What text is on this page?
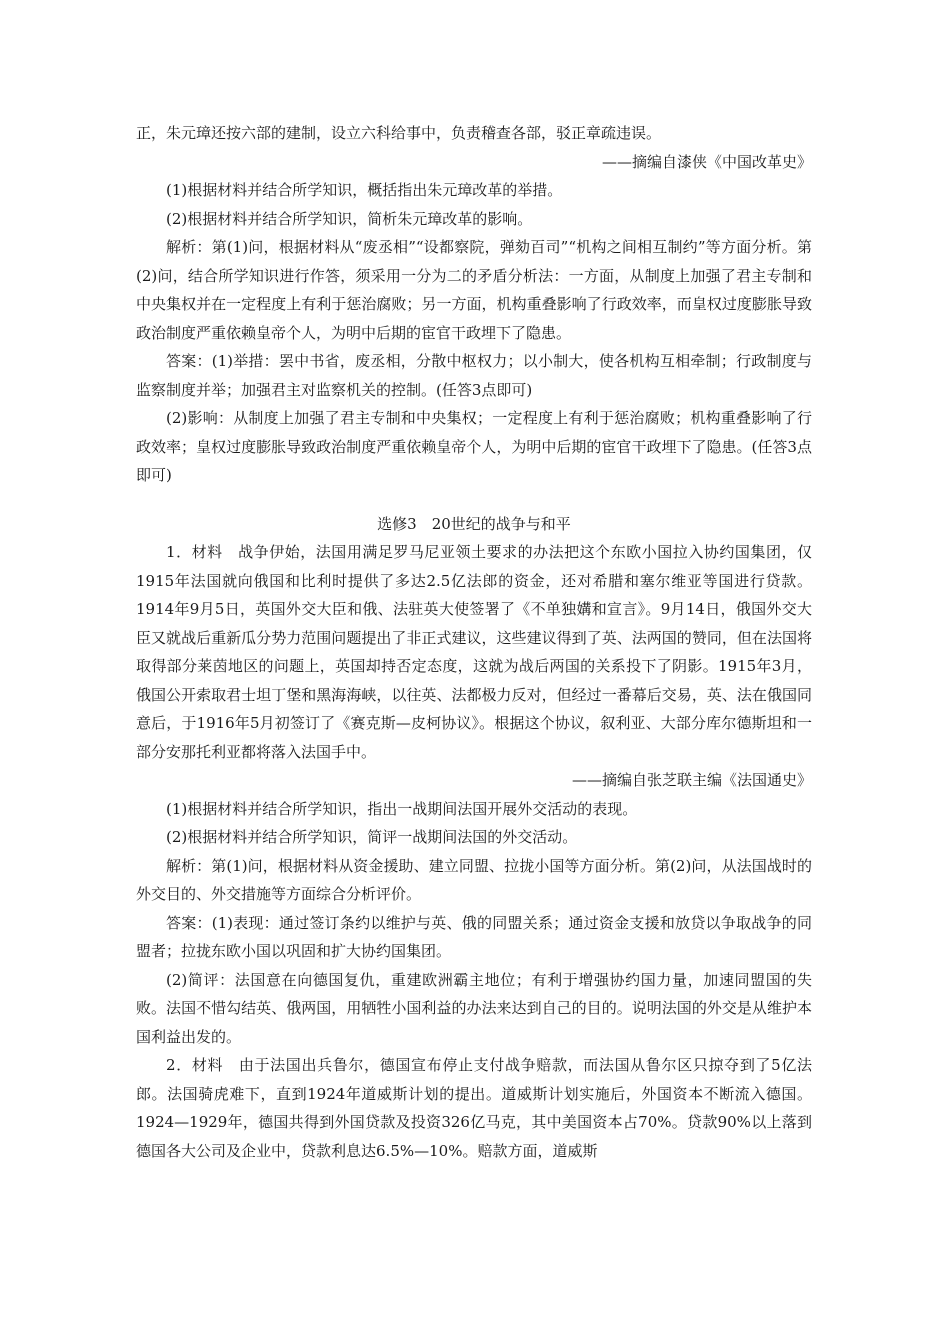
正，朱元璋还按六部的建制，设立六科给事中，负责稽查各部，驳正章疏违误。

——摘编自漆侠《中国改革史》

(1)根据材料并结合所学知识，概括指出朱元璋改革的举措。

(2)根据材料并结合所学知识，简析朱元璋改革的影响。

解析：第(1)问，根据材料从“废丞相”“设都察院，弹劾百司”“机构之间相互制约”等方面分析。第(2)问，结合所学知识进行作答，须采用一分为二的矛盾分析法：一方面，从制度上加强了君主专制和中央集权并在一定程度上有利于惩治腐败；另一方面，机构重叠影响了行政效率，而皇权过度膨胀导致政治制度严重依赖皇帝个人，为明中后期的宦官干政埋下了隐患。

答案：(1)举措：罢中书省，废丞相，分散中枢权力；以小制大，使各机构互相牵制；行政制度与监察制度并举；加强君主对监察机关的控制。(任答3点即可)

(2)影响：从制度上加强了君主专制和中央集权；一定程度上有利于惩治腐败；机构重叠影响了行政效率；皇权过度膨胀导致政治制度严重依赖皇帝个人，为明中后期的宦官干政埋下了隐患。(任答3点即可)

选修3　20世纪的战争与和平

1．材料　战争伊始，法国用满足罗马尼亚领土要求的办法把这个东欧小国拉入协约国集团，仅1915年法国就向俄国和比利时提供了多达2.5亿法郎的资金，还对希腊和塞尔维亚等国进行贷款。1914年9月5日，英国外交大臣和俄、法驻英大使签署了《不单独媾和宣言》。9月14日，俄国外交大臣又就战后重新瓜分势力范围问题提出了非正式建议，这些建议得到了英、法两国的赞同，但在法国将取得部分莱茵地区的问题上，英国却持否定态度，这就为战后两国的关系投下了阴影。1915年3月，俄国公开索取君士坦丁堡和黑海海峡，以往英、法都极力反对，但经过一番幕后交易，英、法在俄国同意后，于1916年5月初签订了《赛克斯—皮柯协议》。根据这个协议，叙利亚、大部分库尔德斯坦和一部分安那托利亚都将落入法国手中。

——摘编自张芝联主编《法国通史》

(1)根据材料并结合所学知识，指出一战期间法国开展外交活动的表现。

(2)根据材料并结合所学知识，简评一战期间法国的外交活动。

解析：第(1)问，根据材料从资金援助、建立同盟、拉拢小国等方面分析。第(2)问，从法国战时的外交目的、外交措施等方面综合分析评价。

答案：(1)表现：通过签订条约以维护与英、俄的同盟关系；通过资金支援和放贷以争取战争的同盟者；拉拢东欧小国以巩固和扩大协约国集团。

(2)简评：法国意在向德国复仇，重建欧洲霸主地位；有利于增强协约国力量，加速同盟国的失败。法国不惜勾结英、俄两国，用牺牲小国利益的办法来达到自己的目的。说明法国的外交是从维护本国利益出发的。

2．材料　由于法国出兵鲁尔，德国宣布停止支付战争赔款，而法国从鲁尔区只掠夺到了5亿法郎。法国骑虎难下，直到1924年道威斯计划的提出。道威斯计划实施后，外国资本不断流入德国。1924—1929年，德国共得到外国贷款及投资326亿马克，其中美国资本占70%。贷款90%以上落到德国各大公司及企业中，贷款利息达6.5%—10%。赔款方面，道威斯
